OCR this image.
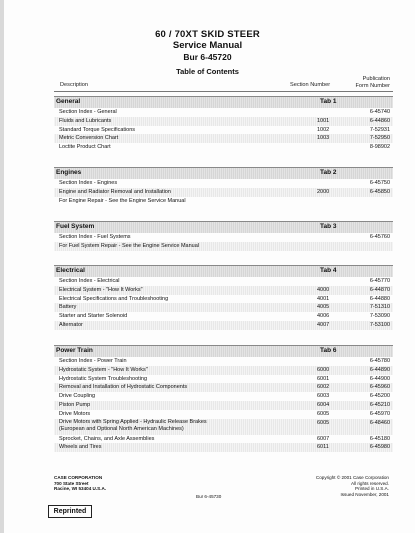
60 / 70XT SKID STEER
Service Manual
Bur 6-45720
Table of Contents
Description	Section Number
Publication
Form Number
General	Tab 1
Section Index - General	6-45740
Fluids and Lubricants	1001	6-44860
Standard Torque Specifications	1002	7-52931
Metric Conversion Chart	1003	7-52950
Loctite Product Chart	8-98902
Engines	Tab 2
Section Index - Engines	6-45750
Engine and Radiator Removal and Installation	2000	6-45850
For Engine Repair - See the Engine Service Manual
Fuel System	Tab 3
Section Index - Fuel Systems	6-45760
For Fuel System Repair - See the Engine Service Manual
Electrical	Tab 4
Section Index - Electrical	6-45770
Electrical System - "How It Works"	4000	6-44870
Electrical Specifications and Troubleshooting	4001	6-44880
Battery	4005	7-51310
Starter and Starter Solenoid	4006	7-53090
Alternator	4007	7-53100
Power Train	Tab 6
Section Index - Power Train	6-45780
Hydrostatic System - "How It Works"	6000	6-44890
Hydrostatic System Troubleshooting	6001	6-44900
Removal and Installation of Hydrostatic Components	6002	6-45960
Drive Coupling	6003	6-45200
Piston Pump	6004	6-45210
Drive Motors	6005	6-45970
Drive Motors with Spring Applied - Hydraulic Release Brakes
(European and Optional North American Machines)
6005	6-48460
Sprocket, Chains, and Axle Assemblies	6007	6-45180
Wheels and Tires	6011	6-45980
CASE CORPORATION
700 State Street
Racine, WI 53404 U.S.A.
Bur 6-45730
Copyright © 2001 Case Corporation
All rights reserved.
Printed in U.S.A.
Issued November, 2001
Reprinted
